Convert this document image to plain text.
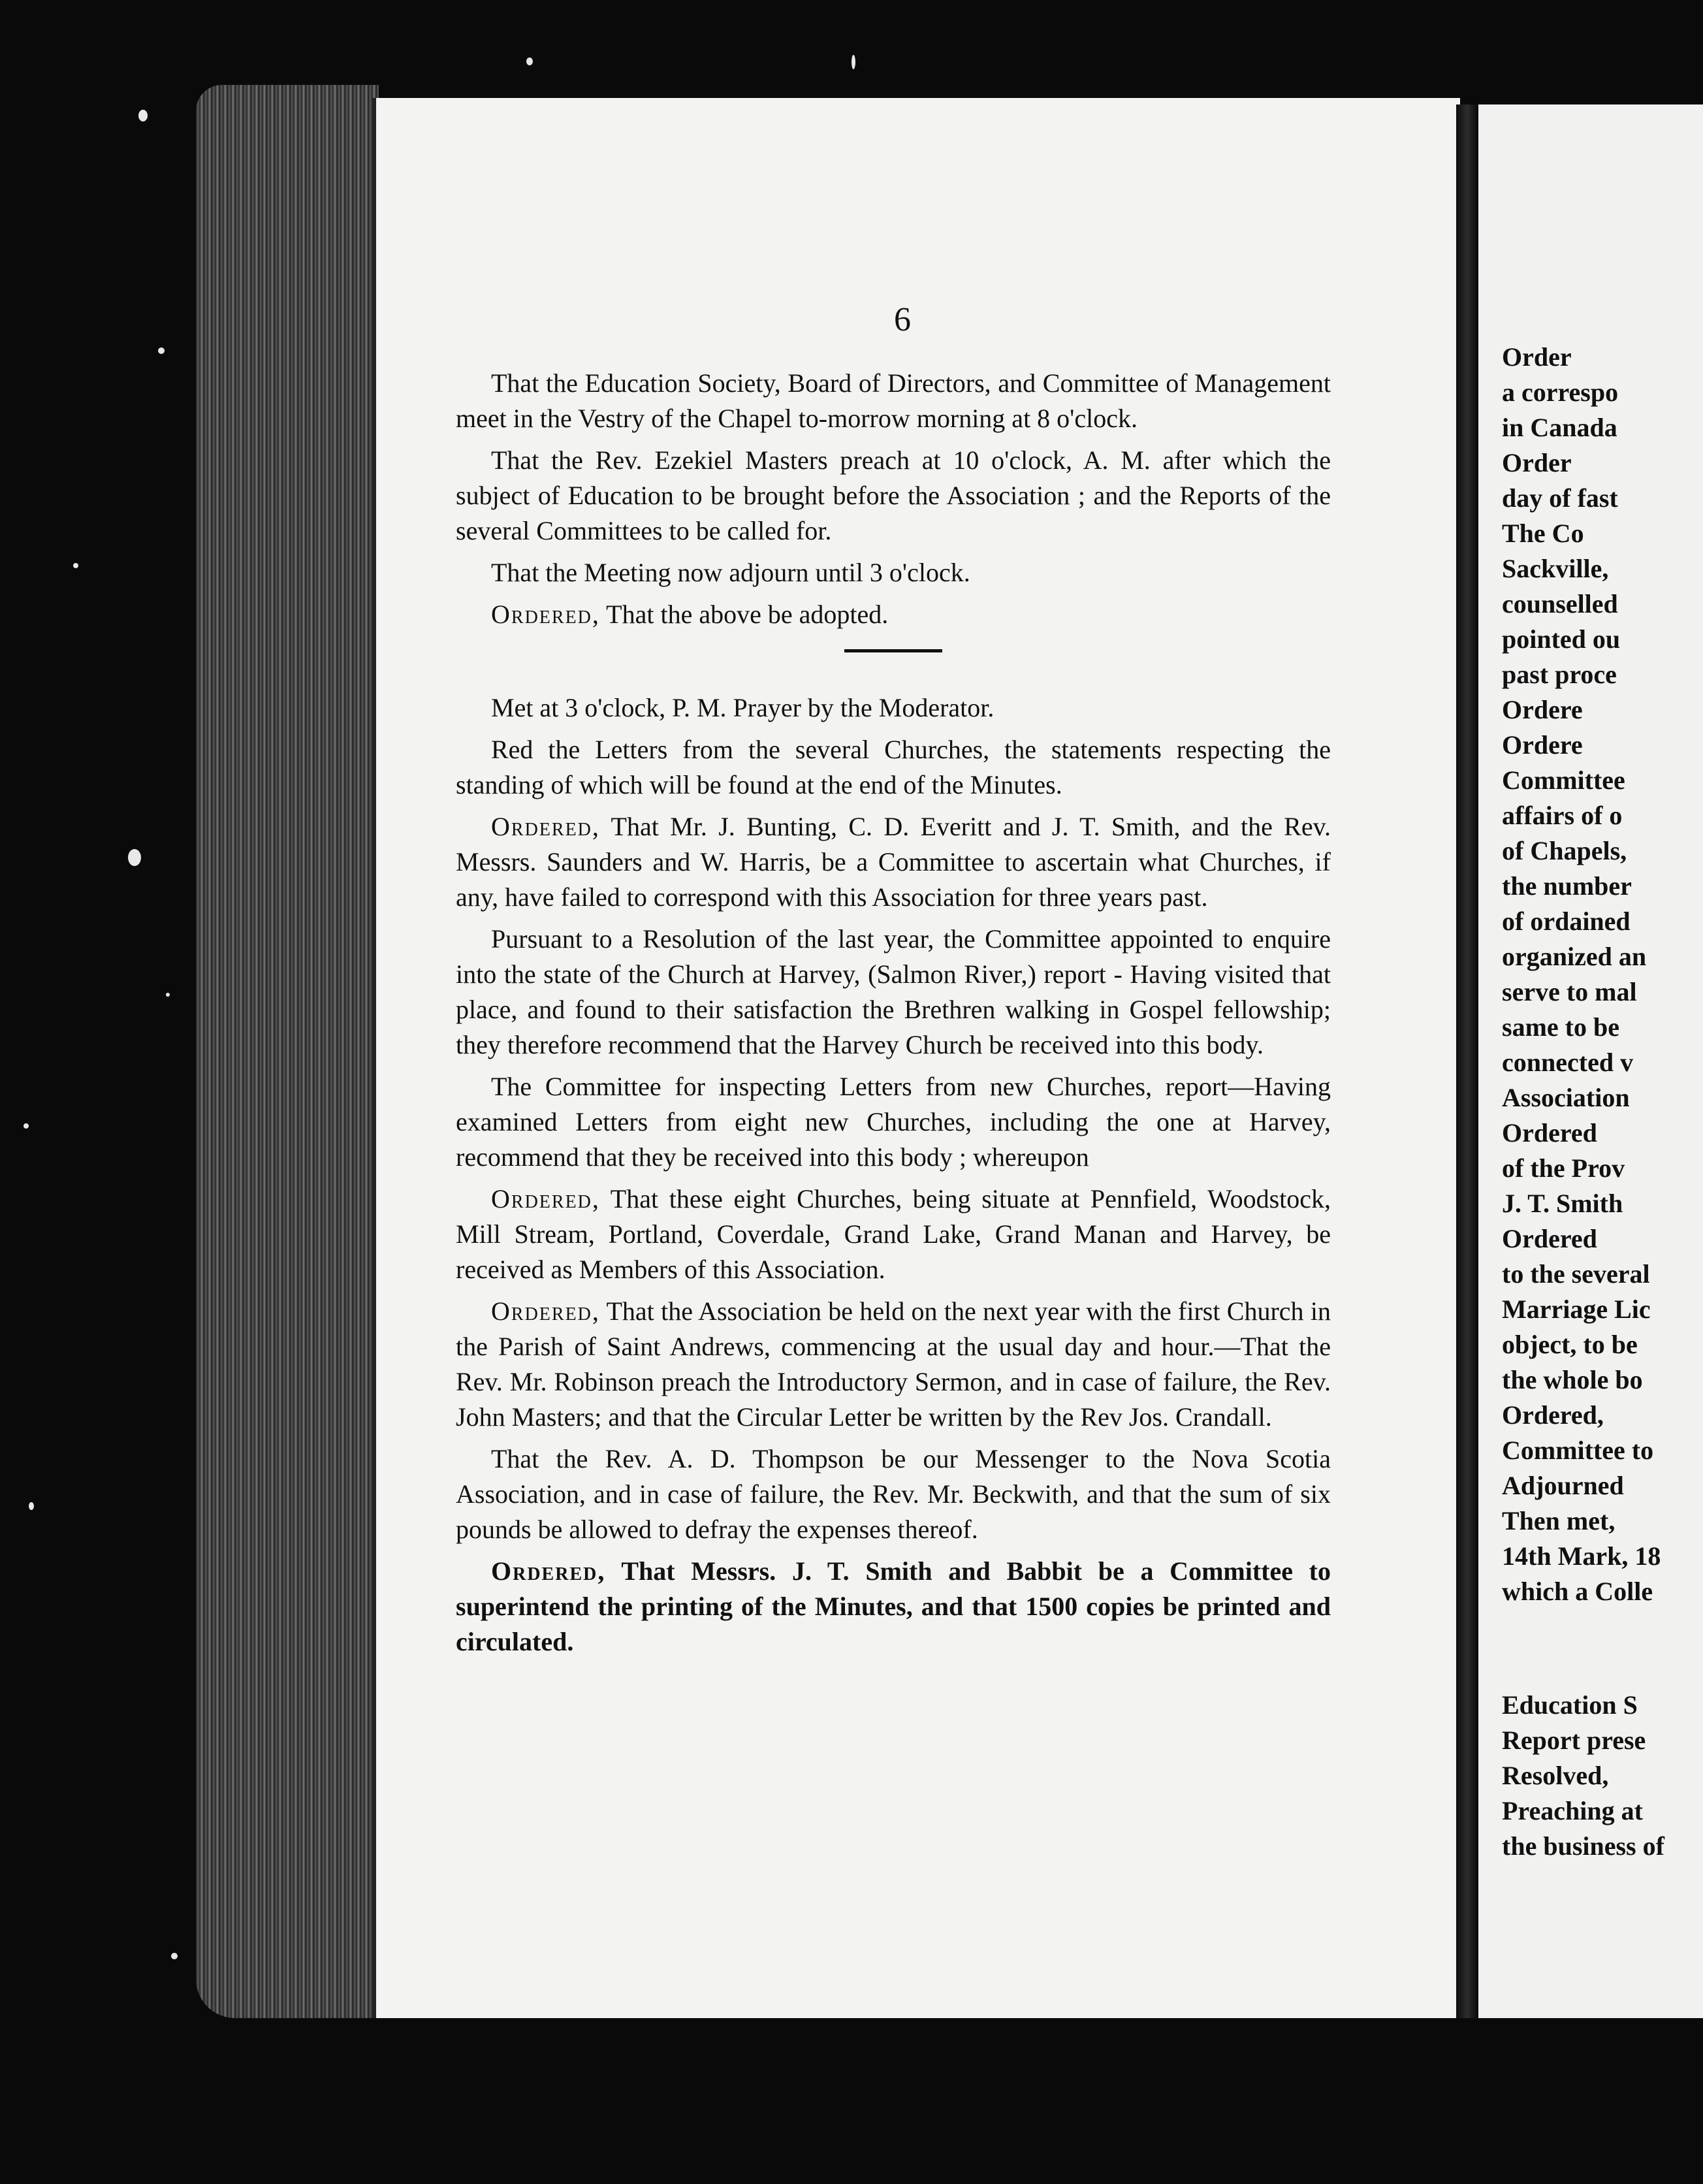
6

That the Education Society, Board of Directors, and Committee of Management meet in the Vestry of the Chapel to-morrow morning at 8 o'clock.

That the Rev. Ezekiel Masters preach at 10 o'clock, A. M. after which the subject of Education to be brought before the Association ; and the Reports of the several Committees to be called for.

That the Meeting now adjourn until 3 o'clock.

Ordered, That the above be adopted.

Met at 3 o'clock, P. M. Prayer by the Moderator.

Red the Letters from the several Churches, the statements respecting the standing of which will be found at the end of the Minutes.

Ordered, That Mr. J. Bunting, C. D. Everitt and J. T. Smith, and the Rev. Messrs. Saunders and W. Harris, be a Committee to ascertain what Churches, if any, have failed to correspond with this Association for three years past.

Pursuant to a Resolution of the last year, the Committee appointed to enquire into the state of the Church at Harvey, (Salmon River,) report - Having visited that place, and found to their satisfaction the Brethren walking in Gospel fellowship; they therefore recommend that the Harvey Church be received into this body.

The Committee for inspecting Letters from new Churches, report—Having examined Letters from eight new Churches, including the one at Harvey, recommend that they be received into this body ; whereupon

Ordered, That these eight Churches, being situate at Pennfield, Woodstock, Mill Stream, Portland, Coverdale, Grand Lake, Grand Manan and Harvey, be received as Members of this Association.

Ordered, That the Association be held on the next year with the first Church in the Parish of Saint Andrews, commencing at the usual day and hour.—That the Rev. Mr. Robinson preach the Introductory Sermon, and in case of failure, the Rev. John Masters; and that the Circular Letter be written by the Rev Jos. Crandall.

That the Rev. A. D. Thompson be our Messenger to the Nova Scotia Association, and in case of failure, the Rev. Mr. Beckwith, and that the sum of six pounds be allowed to defray the expenses thereof.

Ordered, That Messrs. J. T. Smith and Babbit be a Committee to superintend the printing of the Minutes, and that 1500 copies be printed and circulated.

Order
a correspo
in Canada
Order
day of fast
The Co
Sackville,
counselled
pointed ou
past proce
Ordere
Ordere
Committee
affairs of o
of Chapels,
the number
of ordained
organized an
serve to mal
same to be
connected v
Association
Ordered
of the Prov
J. T. Smith
Ordered
to the several
Marriage Lic
object, to be
the whole bo
Ordered,
Committee to
Adjourned
Then met,
14th Mark, 18
which a Colle
Education S
Report prese
Resolved,
Preaching at
the business of
